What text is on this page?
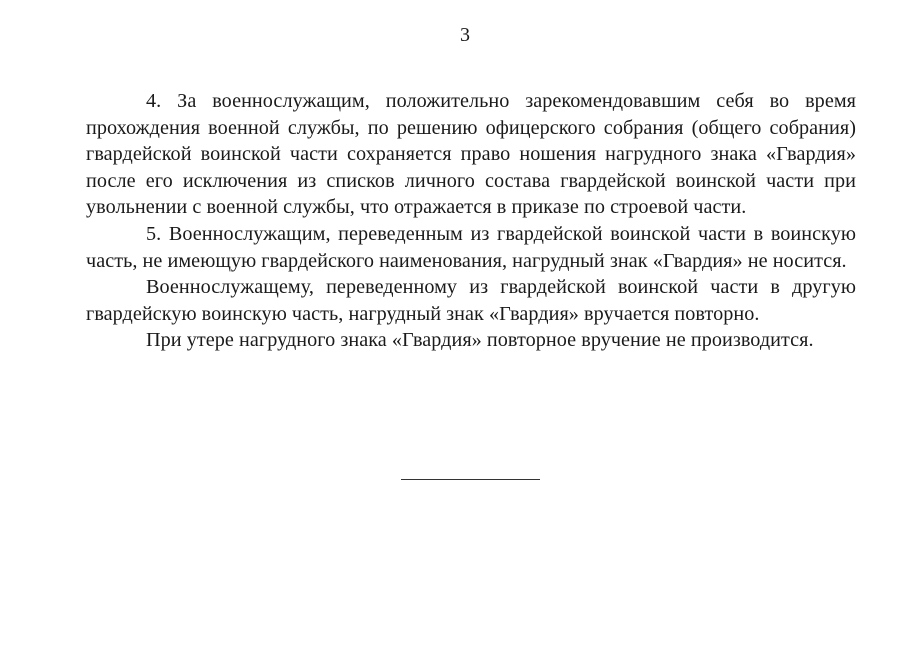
3

4. За военнослужащим, положительно зарекомендовавшим себя во время прохождения военной службы, по решению офицерского собрания (общего собрания) гвардейской воинской части сохраняется право ношения нагрудного знака «Гвардия» после его исключения из списков личного состава гвардейской воинской части при увольнении с военной службы, что отражается в приказе по строевой части.

5. Военнослужащим, переведенным из гвардейской воинской части в воинскую часть, не имеющую гвардейского наименования, нагрудный знак «Гвардия» не носится.

Военнослужащему, переведенному из гвардейской воинской части в другую гвардейскую воинскую часть, нагрудный знак «Гвардия» вручается повторно.

При утере нагрудного знака «Гвардия» повторное вручение не производится.
